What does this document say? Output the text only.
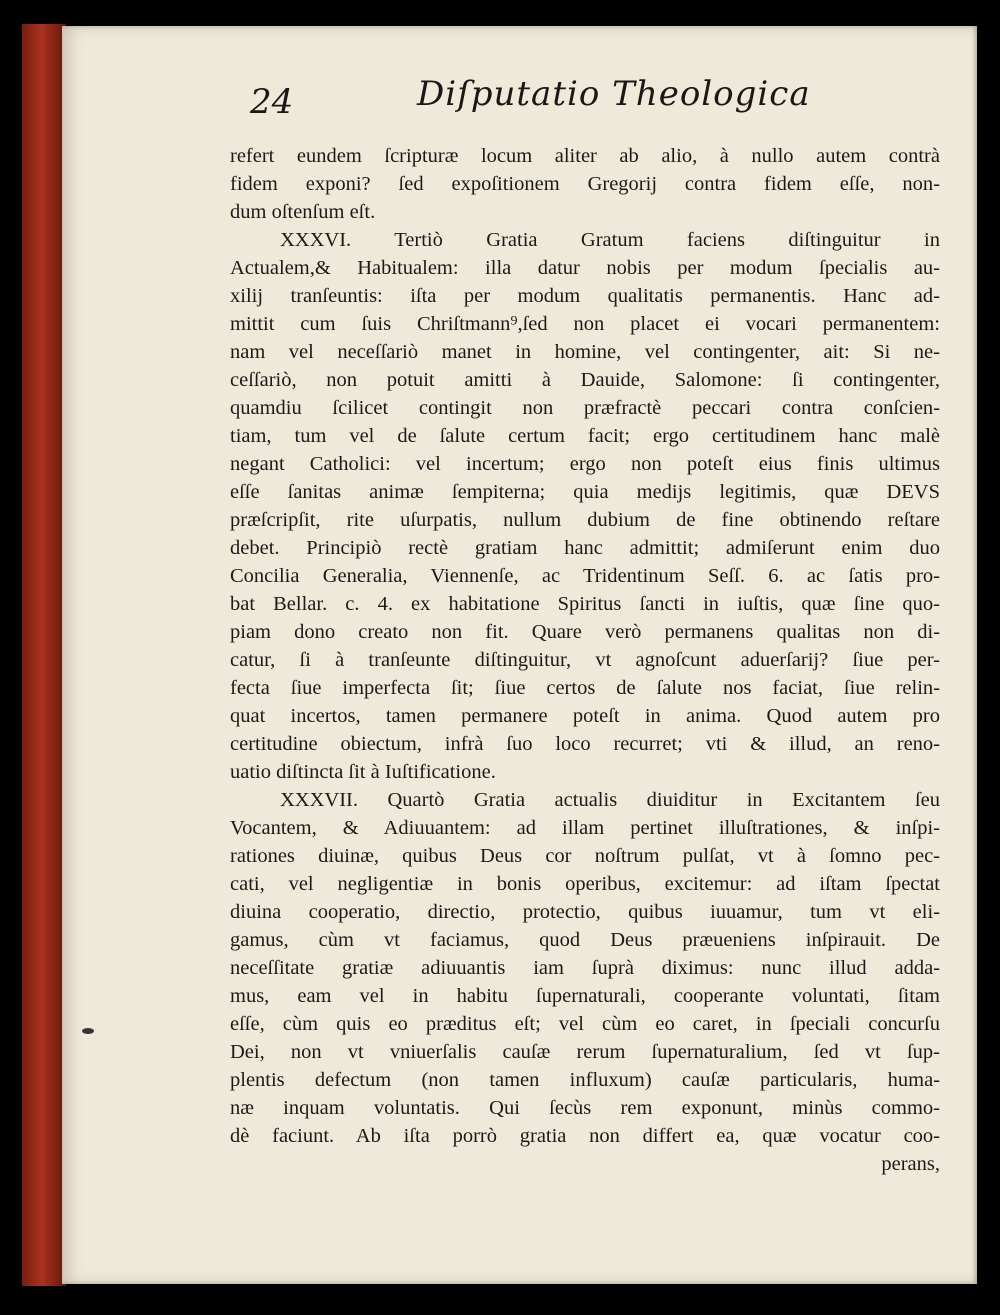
24	Diſputatio Theologica
refert eundem ſcripturæ locum aliter ab alio, à nullo autem contrà
fidem exponi? ſed expoſitionem Gregorij contra fidem eſſe, non-
dum oſtenſum eſt.
XXXVI. Tertiò Gratia Gratum faciens diſtinguitur in
Actualem,& Habitualem: illa datur nobis per modum ſpecialis au-
xilij tranſeuntis: iſta per modum qualitatis permanentis. Hanc ad-
mittit cum ſuis Chriſtmann⁹,ſed non placet ei vocari permanentem:
nam vel neceſſariò manet in homine, vel contingenter, ait: Si ne-
ceſſariò, non potuit amitti à Dauide, Salomone: ſi contingenter,
quamdiu ſcilicet contingit non præfractè peccari contra conſcien-
tiam, tum vel de ſalute certum facit; ergo certitudinem hanc malè
negant Catholici: vel incertum; ergo non poteſt eius finis ultimus
eſſe ſanitas animæ ſempiterna; quia medijs legitimis, quæ DEVS
præſcripſit, rite uſurpatis, nullum dubium de fine obtinendo reſtare
debet. Principiò rectè gratiam hanc admittit; admiſerunt enim duo
Concilia Generalia, Viennenſe, ac Tridentinum Seſſ. 6. ac ſatis pro-
bat Bellar. c. 4. ex habitatione Spiritus ſancti in iuſtis, quæ ſine quo-
piam dono creato non fit. Quare verò permanens qualitas non di-
catur, ſi à tranſeunte diſtinguitur, vt agnoſcunt aduerſarij? ſiue per-
fecta ſiue imperfecta ſit; ſiue certos de ſalute nos faciat, ſiue relin-
quat incertos, tamen permanere poteſt in anima. Quod autem pro
certitudine obiectum, infrà ſuo loco recurret; vti & illud, an reno-
uatio diſtincta ſit à Iuſtificatione.
XXXVII. Quartò Gratia actualis diuiditur in Excitantem ſeu
Vocantem, & Adiuuantem: ad illam pertinet illuſtrationes, & inſpi-
rationes diuinæ, quibus Deus cor noſtrum pulſat, vt à ſomno pec-
cati, vel negligentiæ in bonis operibus, excitemur: ad iſtam ſpectat
diuina cooperatio, directio, protectio, quibus iuuamur, tum vt eli-
gamus, cùm vt faciamus, quod Deus præueniens inſpirauit. De
neceſſitate gratiæ adiuuantis iam ſuprà diximus: nunc illud adda-
mus, eam vel in habitu ſupernaturali, cooperante voluntati, ſitam
eſſe, cùm quis eo præditus eſt; vel cùm eo caret, in ſpeciali concurſu
Dei, non vt vniuerſalis cauſæ rerum ſupernaturalium, ſed vt ſup-
plentis defectum (non tamen influxum) cauſæ particularis, huma-
næ inquam voluntatis. Qui ſecùs rem exponunt, minùs commo-
dè faciunt. Ab iſta porrò gratia non differt ea, quæ vocatur coo-
perans,
